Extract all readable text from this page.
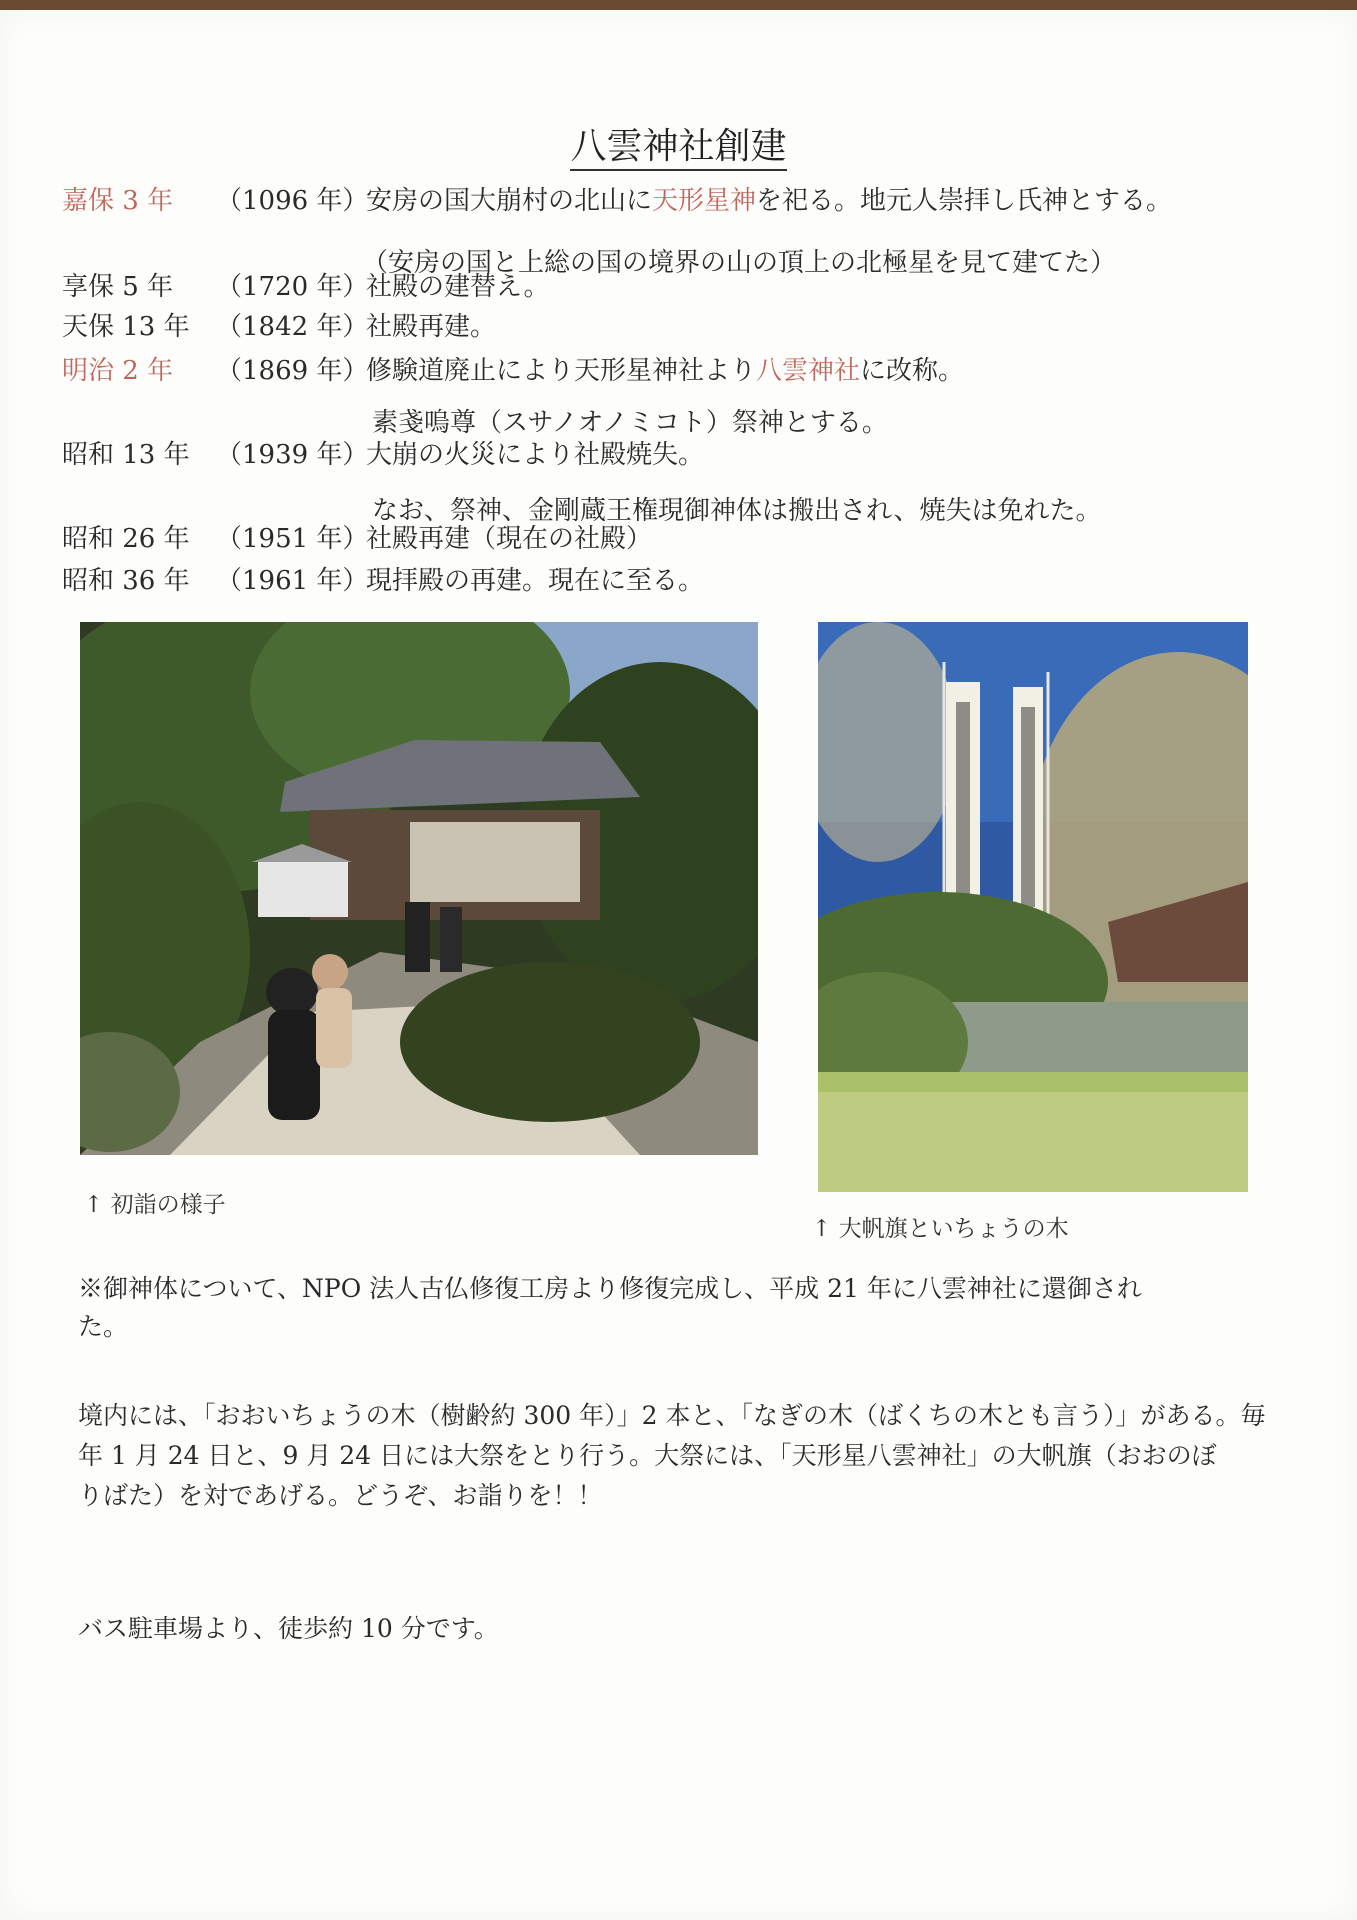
八雲神社創建
嘉保 3 年 （1096 年）
安房の国大崩村の北山に天形星神を祀る。地元人崇拝し氏神とする。
（安房の国と上総の国の境界の山の頂上の北極星を見て建てた）
享保 5 年 （1720 年）
社殿の建替え。
天保 13 年 （1842 年）
社殿再建。
明治 2 年 （1869 年）
修験道廃止により天形星神社より八雲神社に改称。
素戔嗚尊（スサノオノミコト）祭神とする。
昭和 13 年 （1939 年）
大崩の火災により社殿焼失。
なお、祭神、金剛蔵王権現御神体は搬出され、焼失は免れた。
昭和 26 年 （1951 年）
社殿再建（現在の社殿）
昭和 36 年 （1961 年）
現拝殿の再建。現在に至る。
↑ 初詣の様子
↑ 大帆旗といちょうの木
※御神体について、NPO 法人古仏修復工房より修復完成し、平成 21 年に八雲神社に還御され
た。
境内には、「おおいちょうの木（樹齢約 300 年）」2 本と、「なぎの木（ばくちの木とも言う）」がある。毎
年 1 月 24 日と、9 月 24 日には大祭をとり行う。大祭には、「天形星八雲神社」の大帆旗（おおのぼ
りばた）を対であげる。どうぞ、お詣りを！！
バス駐車場より、徒歩約 10 分です。
